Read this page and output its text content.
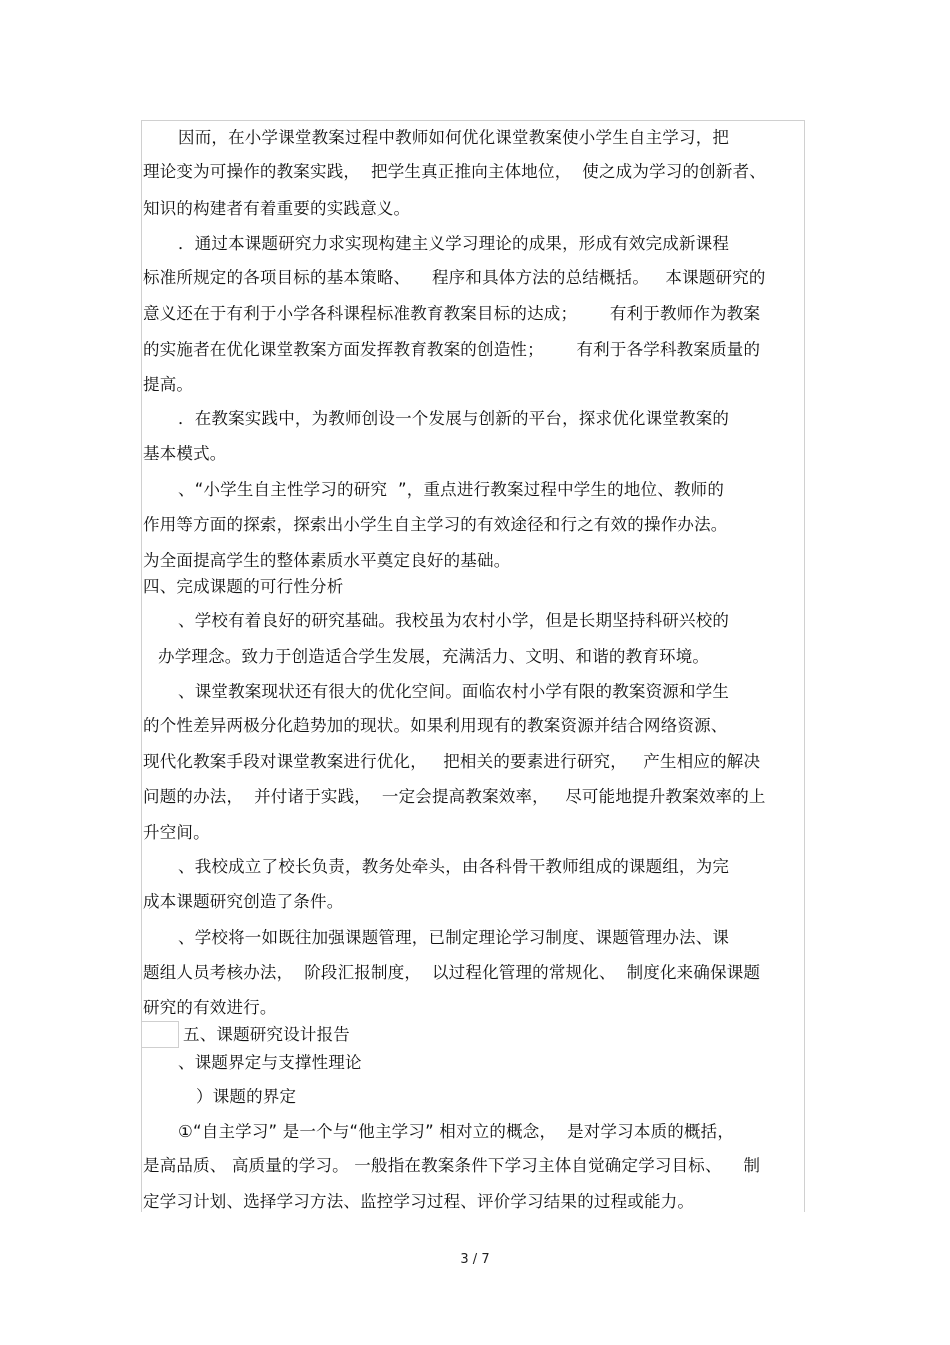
因而，在小学课堂教案过程中教师如何优化课堂教案使小学生自主学习，把
理论变为可操作的教案实践，  把学生真正推向主体地位，  使之成为学习的创新者、
知识的构建者有着重要的实践意义。
．通过本课题研究力求实现构建主义学习理论的成果，形成有效完成新课程
标准所规定的各项目标的基本策略、    程序和具体方法的总结概括。   本课题研究的
意义还在于有利于小学各科课程标准教育教案目标的达成；      有利于教师作为教案
的实施者在优化课堂教案方面发挥教育教案的创造性；      有利于各学科教案质量的
提高。
．在教案实践中，为教师创设一个发展与创新的平台，探求优化课堂教案的
基本模式。
、“小学生自主性学习的研究  ”，重点进行教案过程中学生的地位、教师的
作用等方面的探索，探索出小学生自主学习的有效途径和行之有效的操作办法。
为全面提高学生的整体素质水平奠定良好的基础。
四、完成课题的可行性分析
、学校有着良好的研究基础。我校虽为农村小学，但是长期坚持科研兴校的
办学理念。致力于创造适合学生发展，充满活力、文明、和谐的教育环境。
、课堂教案现状还有很大的优化空间。面临农村小学有限的教案资源和学生
的个性差异两极分化趋势加的现状。如果利用现有的教案资源并结合网络资源、
现代化教案手段对课堂教案进行优化，   把相关的要素进行研究，   产生相应的解决
问题的办法，  并付诸于实践，  一定会提高教案效率，   尽可能地提升教案效率的上
升空间。
、我校成立了校长负责，教务处牵头，由各科骨干教师组成的课题组，为完
成本课题研究创造了条件。
、学校将一如既往加强课题管理，已制定理论学习制度、课题管理办法、课
题组人员考核办法，  阶段汇报制度，  以过程化管理的常规化、  制度化来确保课题
研究的有效进行。
五、课题研究设计报告
、课题界定与支撑性理论
）课题的界定
①“自主学习” 是一个与“他主学习” 相对立的概念，  是对学习本质的概括，
是高品质、 高质量的学习。 一般指在教案条件下学习主体自觉确定学习目标、    制
定学习计划、选择学习方法、监控学习过程、评价学习结果的过程或能力。
3 / 7
